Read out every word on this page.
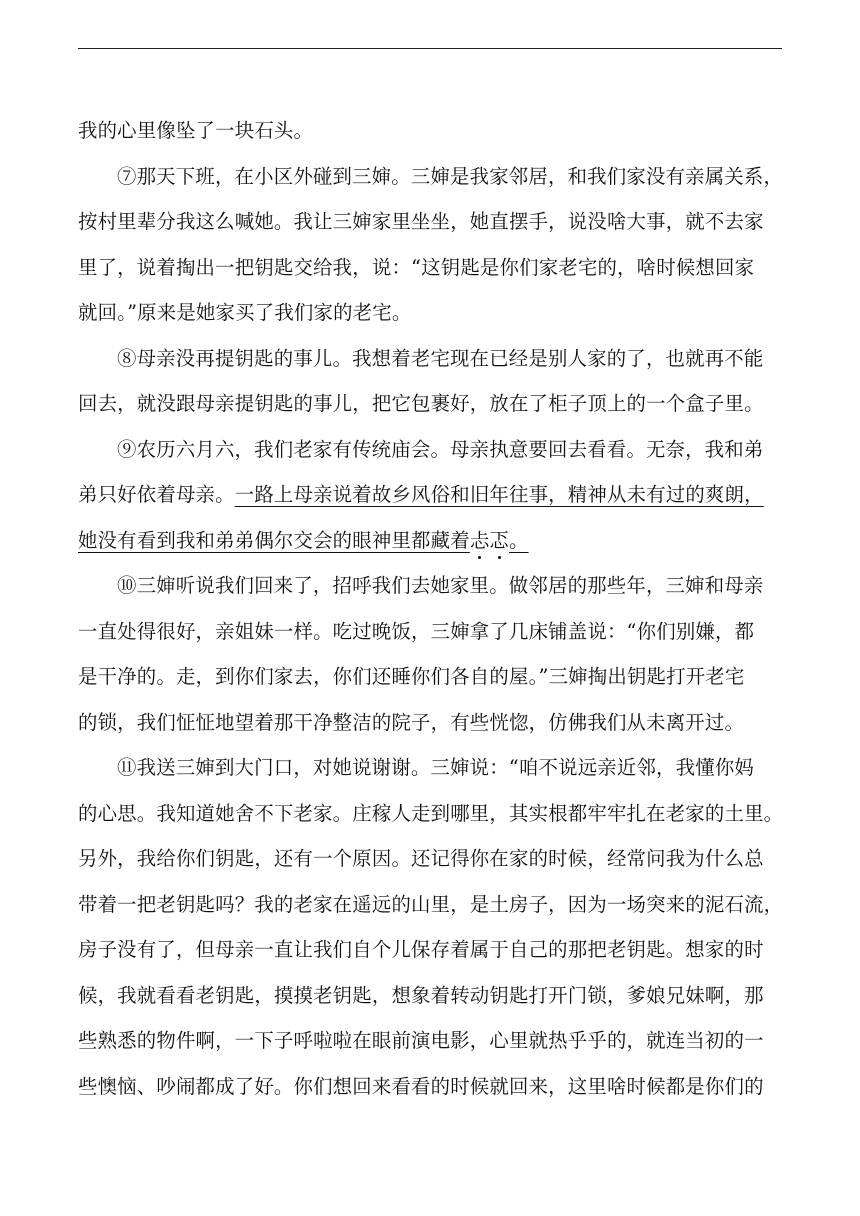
我的心里像坠了一块石头。
⑦那天下班，在小区外碰到三婶。三婶是我家邻居，和我们家没有亲属关系，
按村里辈分我这么喊她。我让三婶家里坐坐，她直摆手，说没啥大事，就不去家
里了，说着掏出一把钥匙交给我，说：“这钥匙是你们家老宅的，啥时候想回家
就回。”原来是她家买了我们家的老宅。
⑧母亲没再提钥匙的事儿。我想着老宅现在已经是别人家的了，也就再不能
回去，就没跟母亲提钥匙的事儿，把它包裹好，放在了柜子顶上的一个盒子里。
⑨农历六月六，我们老家有传统庙会。母亲执意要回去看看。无奈，我和弟
弟只好依着母亲。一路上母亲说着故乡风俗和旧年往事，精神从未有过的爽朗，
她没有看到我和弟弟偶尔交会的眼神里都藏着忐忑。
⑩三婶听说我们回来了，招呼我们去她家里。做邻居的那些年，三婶和母亲
一直处得很好，亲姐妹一样。吃过晚饭，三婶拿了几床铺盖说：“你们别嫌，都
是干净的。走，到你们家去，你们还睡你们各自的屋。”三婶掏出钥匙打开老宅
的锁，我们怔怔地望着那干净整洁的院子，有些恍惚，仿佛我们从未离开过。
⑪我送三婶到大门口，对她说谢谢。三婶说：“咱不说远亲近邻，我懂你妈
的心思。我知道她舍不下老家。庄稼人走到哪里，其实根都牢牢扎在老家的土里。
另外，我给你们钥匙，还有一个原因。还记得你在家的时候，经常问我为什么总
带着一把老钥匙吗？我的老家在遥远的山里，是土房子，因为一场突来的泥石流，
房子没有了，但母亲一直让我们自个儿保存着属于自己的那把老钥匙。想家的时
候，我就看看老钥匙，摸摸老钥匙，想象着转动钥匙打开门锁，爹娘兄妹啊，那
些熟悉的物件啊，一下子呼啦啦在眼前演电影，心里就热乎乎的，就连当初的一
些懊恼、吵闹都成了好。你们想回来看看的时候就回来，这里啥时候都是你们的
